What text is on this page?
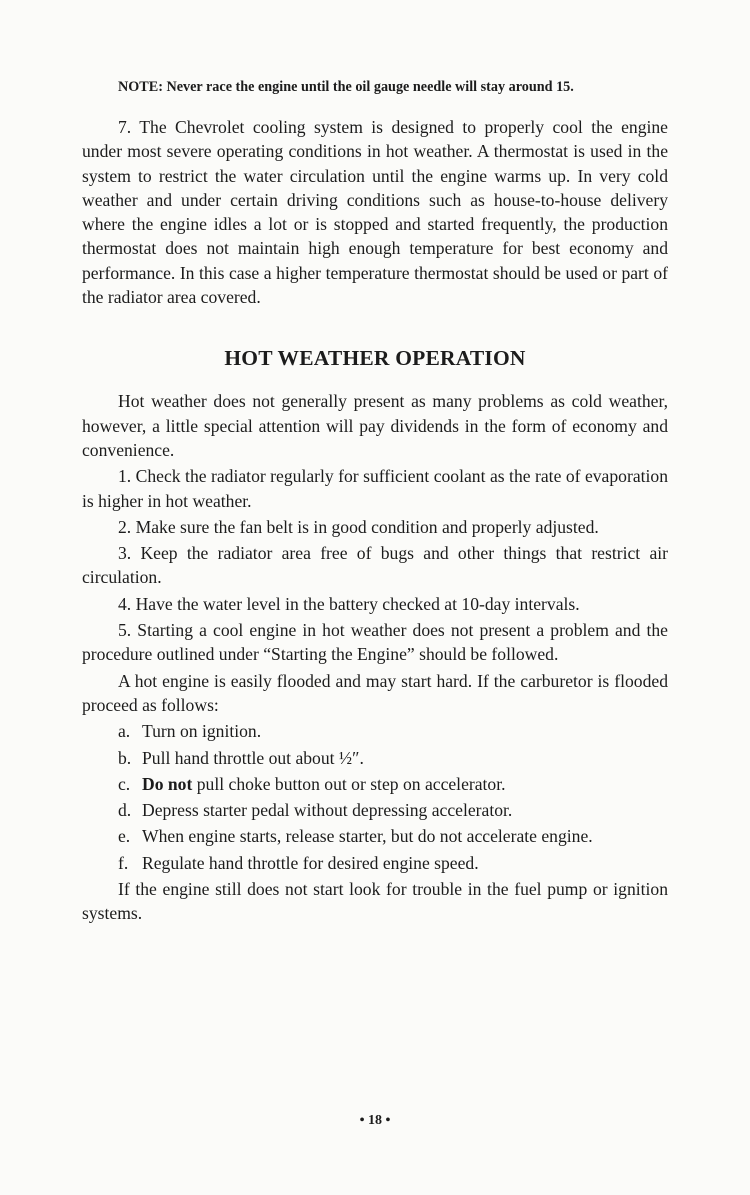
NOTE: Never race the engine until the oil gauge needle will stay around 15.

7. The Chevrolet cooling system is designed to properly cool the engine under most severe operating conditions in hot weather. A thermostat is used in the system to restrict the water circulation until the engine warms up. In very cold weather and under certain driving conditions such as house-to-house delivery where the engine idles a lot or is stopped and started frequently, the production thermostat does not maintain high enough temperature for best economy and performance. In this case a higher temperature thermostat should be used or part of the radiator area covered.

HOT WEATHER OPERATION

Hot weather does not generally present as many problems as cold weather, however, a little special attention will pay dividends in the form of economy and convenience.

1. Check the radiator regularly for sufficient coolant as the rate of evaporation is higher in hot weather.

2. Make sure the fan belt is in good condition and properly adjusted.

3. Keep the radiator area free of bugs and other things that restrict air circulation.

4. Have the water level in the battery checked at 10-day intervals.

5. Starting a cool engine in hot weather does not present a problem and the procedure outlined under “Starting the Engine” should be followed.

A hot engine is easily flooded and may start hard. If the carburetor is flooded proceed as follows:

a. Turn on ignition.

b. Pull hand throttle out about ½″.

c. Do not pull choke button out or step on accelerator.

d. Depress starter pedal without depressing accelerator.

e. When engine starts, release starter, but do not accelerate engine.

f. Regulate hand throttle for desired engine speed.

If the engine still does not start look for trouble in the fuel pump or ignition systems.

• 18 •
